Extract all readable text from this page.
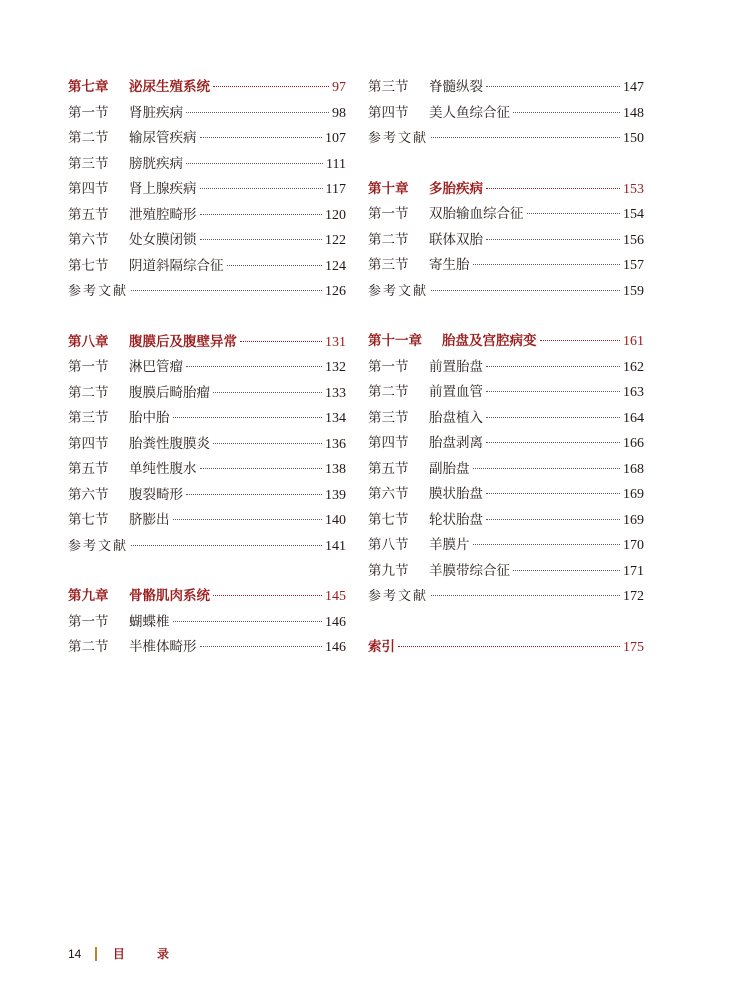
第七章 泌尿生殖系统	97
第一节 肾脏疾病	98
第二节 输尿管疾病	107
第三节 膀胱疾病	111
第四节 肾上腺疾病	117
第五节 泄殖腔畸形	120
第六节 处女膜闭锁	122
第七节 阴道斜隔综合征	124
参考文献	126
第八章 腹膜后及腹壁异常	131
第一节 淋巴管瘤	132
第二节 腹膜后畸胎瘤	133
第三节 胎中胎	134
第四节 胎粪性腹膜炎	136
第五节 单纯性腹水	138
第六节 腹裂畸形	139
第七节 脐膨出	140
参考文献	141
第九章 骨骼肌肉系统	145
第一节 蝴蝶椎	146
第二节 半椎体畸形	146
第三节 脊髓纵裂	147
第四节 美人鱼综合征	148
参考文献	150
第十章 多胎疾病	153
第一节 双胎输血综合征	154
第二节 联体双胎	156
第三节 寄生胎	157
参考文献	159
第十一章 胎盘及宫腔病变	161
第一节 前置胎盘	162
第二节 前置血管	163
第三节 胎盘植入	164
第四节 胎盘剥离	166
第五节 副胎盘	168
第六节 膜状胎盘	169
第七节 轮状胎盘	169
第八节 羊膜片	170
第九节 羊膜带综合征	171
参考文献	172
索引	175
14	目 录
